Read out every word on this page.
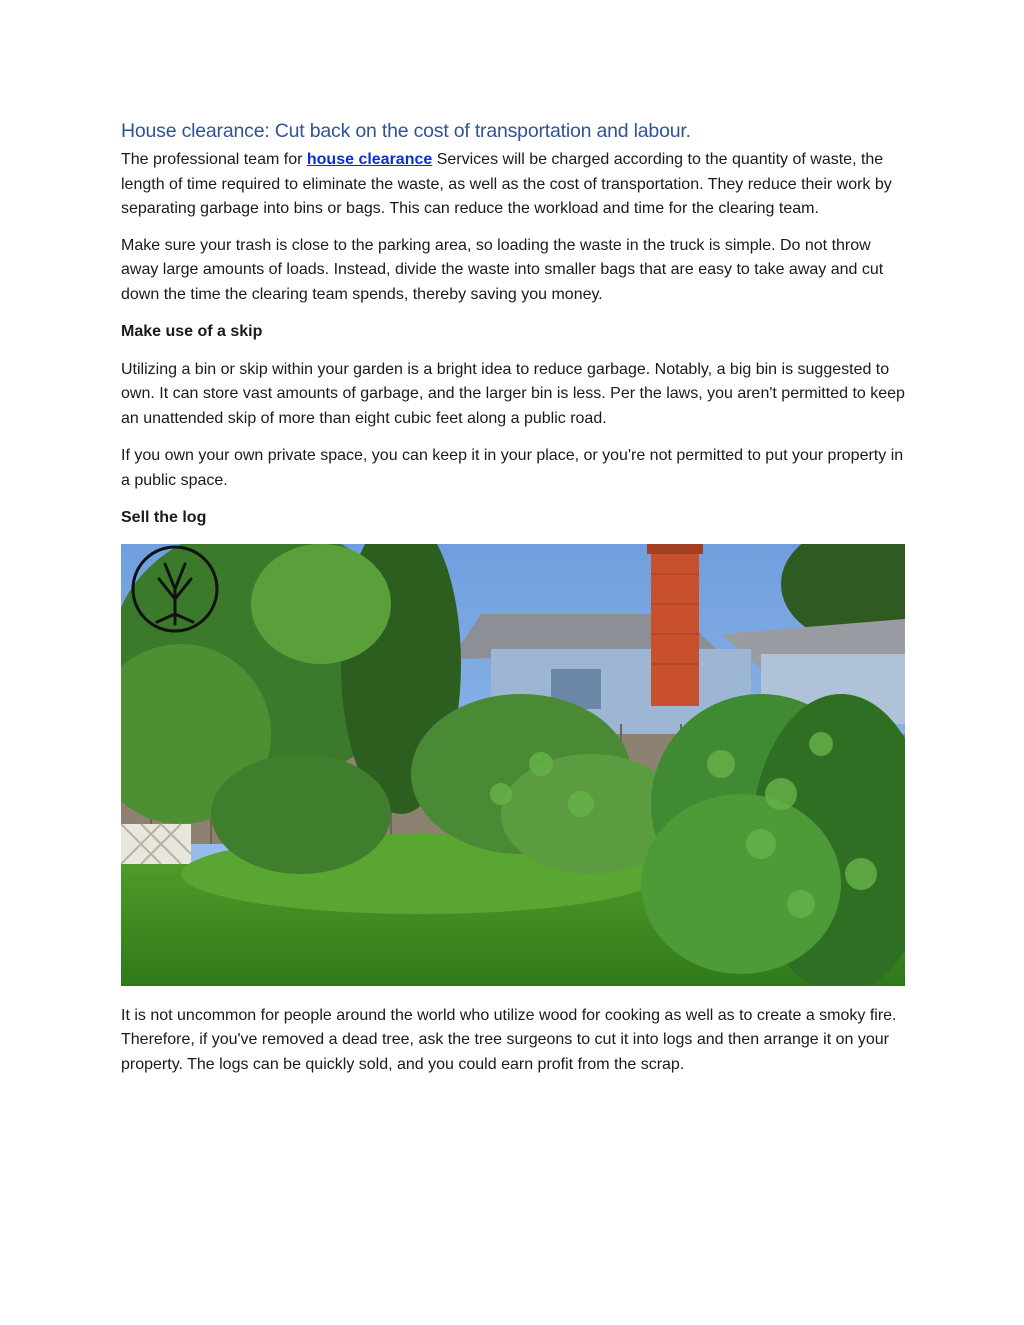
House clearance: Cut back on the cost of transportation and labour.

The professional team for house clearance Services will be charged according to the quantity of waste, the length of time required to eliminate the waste, as well as the cost of transportation. They reduce their work by separating garbage into bins or bags. This can reduce the workload and time for the clearing team.

Make sure your trash is close to the parking area, so loading the waste in the truck is simple. Do not throw away large amounts of loads. Instead, divide the waste into smaller bags that are easy to take away and cut down the time the clearing team spends, thereby saving you money.

Make use of a skip

Utilizing a bin or skip within your garden is a bright idea to reduce garbage. Notably, a big bin is suggested to own. It can store vast amounts of garbage, and the larger bin is less. Per the laws, you aren't permitted to keep an unattended skip of more than eight cubic feet along a public road.

If you own your own private space, you can keep it in your place, or you're not permitted to put your property in a public space.

Sell the log

It is not uncommon for people around the world who utilize wood for cooking as well as to create a smoky fire. Therefore, if you've removed a dead tree, ask the tree surgeons to cut it into logs and then arrange it on your property. The logs can be quickly sold, and you could earn profit from the scrap.
